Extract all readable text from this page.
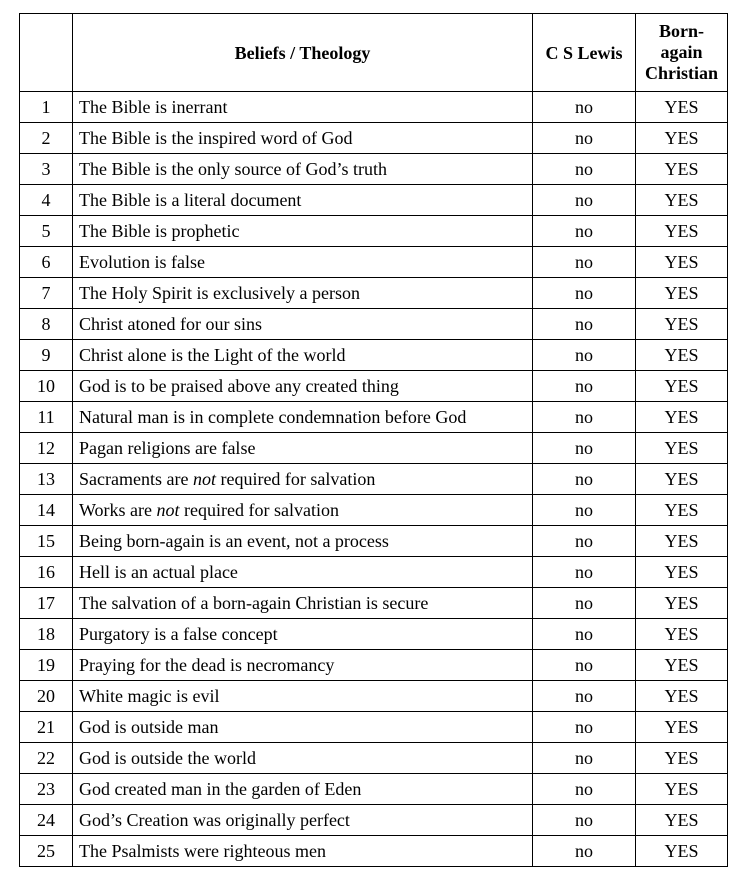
	Beliefs / Theology	C S Lewis	Born-
again
Christian
1	The Bible is inerrant	no	YES
2	The Bible is the inspired word of God	no	YES
3	The Bible is the only source of God’s truth	no	YES
4	The Bible is a literal document	no	YES
5	The Bible is prophetic	no	YES
6	Evolution is false	no	YES
7	The Holy Spirit is exclusively a person	no	YES
8	Christ atoned for our sins	no	YES
9	Christ alone is the Light of the world	no	YES
10	God is to be praised above any created thing	no	YES
11	Natural man is in complete condemnation before God	no	YES
12	Pagan religions are false	no	YES
13	Sacraments are not required for salvation	no	YES
14	Works are not required for salvation	no	YES
15	Being born-again is an event, not a process	no	YES
16	Hell is an actual place	no	YES
17	The salvation of a born-again Christian is secure	no	YES
18	Purgatory is a false concept	no	YES
19	Praying for the dead is necromancy	no	YES
20	White magic is evil	no	YES
21	God is outside man	no	YES
22	God is outside the world	no	YES
23	God created man in the garden of Eden	no	YES
24	God’s Creation was originally perfect	no	YES
25	The Psalmists were righteous men	no	YES
